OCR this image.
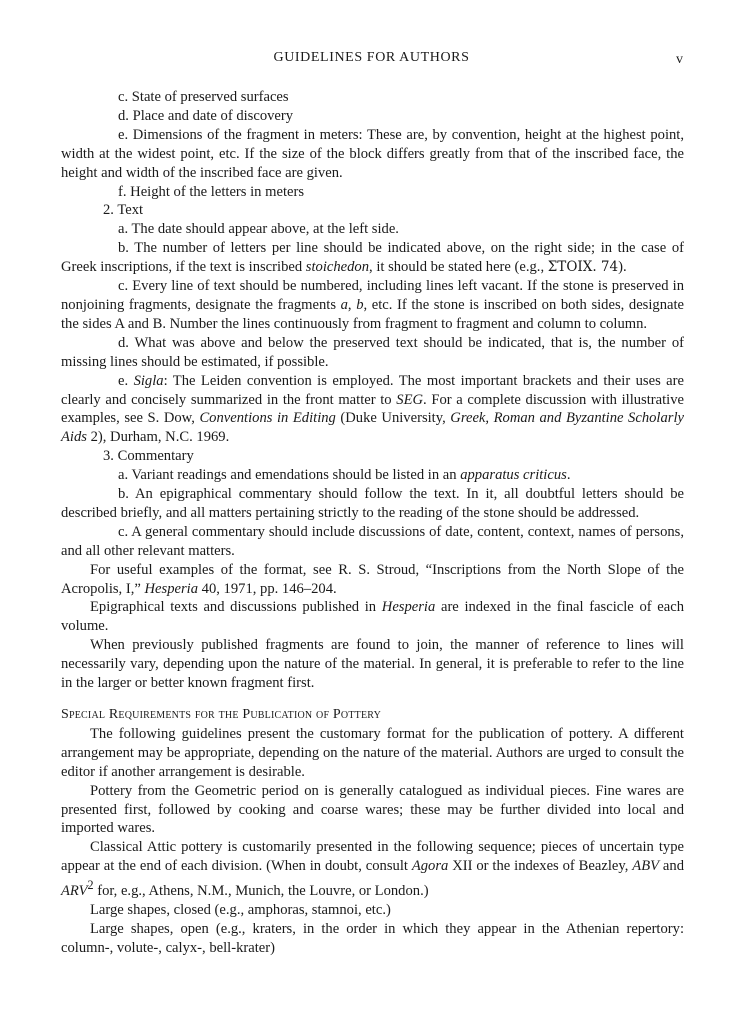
GUIDELINES FOR AUTHORS	v

c. State of preserved surfaces

d. Place and date of discovery

e. Dimensions of the fragment in meters: These are, by convention, height at the highest point, width at the widest point, etc. If the size of the block differs greatly from that of the inscribed face, the height and width of the inscribed face are given.

f. Height of the letters in meters

2. Text

a. The date should appear above, at the left side.

b. The number of letters per line should be indicated above, on the right side; in the case of Greek inscriptions, if the text is inscribed stoichedon, it should be stated here (e.g., ΣΤΟΙΧ. 74).

c. Every line of text should be numbered, including lines left vacant. If the stone is preserved in nonjoining fragments, designate the fragments a, b, etc. If the stone is inscribed on both sides, designate the sides A and B. Number the lines continuously from fragment to fragment and column to column.

d. What was above and below the preserved text should be indicated, that is, the number of missing lines should be estimated, if possible.

e. Sigla: The Leiden convention is employed. The most important brackets and their uses are clearly and concisely summarized in the front matter to SEG. For a complete discussion with illustrative examples, see S. Dow, Conventions in Editing (Duke University, Greek, Roman and Byzantine Scholarly Aids 2), Durham, N.C. 1969.

3. Commentary

a. Variant readings and emendations should be listed in an apparatus criticus.

b. An epigraphical commentary should follow the text. In it, all doubtful letters should be described briefly, and all matters pertaining strictly to the reading of the stone should be addressed.

c. A general commentary should include discussions of date, content, context, names of persons, and all other relevant matters.

For useful examples of the format, see R. S. Stroud, “Inscriptions from the North Slope of the Acropolis, I,” Hesperia 40, 1971, pp. 146–204.

Epigraphical texts and discussions published in Hesperia are indexed in the final fascicle of each volume.

When previously published fragments are found to join, the manner of reference to lines will necessarily vary, depending upon the nature of the material. In general, it is preferable to refer to the line in the larger or better known fragment first.

Special Requirements for the Publication of Pottery

The following guidelines present the customary format for the publication of pottery. A different arrangement may be appropriate, depending on the nature of the material. Authors are urged to consult the editor if another arrangement is desirable.

Pottery from the Geometric period on is generally catalogued as individual pieces. Fine wares are presented first, followed by cooking and coarse wares; these may be further divided into local and imported wares.

Classical Attic pottery is customarily presented in the following sequence; pieces of uncertain type appear at the end of each division. (When in doubt, consult Agora XII or the indexes of Beazley, ABV and ARV$^2$ for, e.g., Athens, N.M., Munich, the Louvre, or London.)

Large shapes, closed (e.g., amphoras, stamnoi, etc.)

Large shapes, open (e.g., kraters, in the order in which they appear in the Athenian repertory: column-, volute-, calyx-, bell-krater)
